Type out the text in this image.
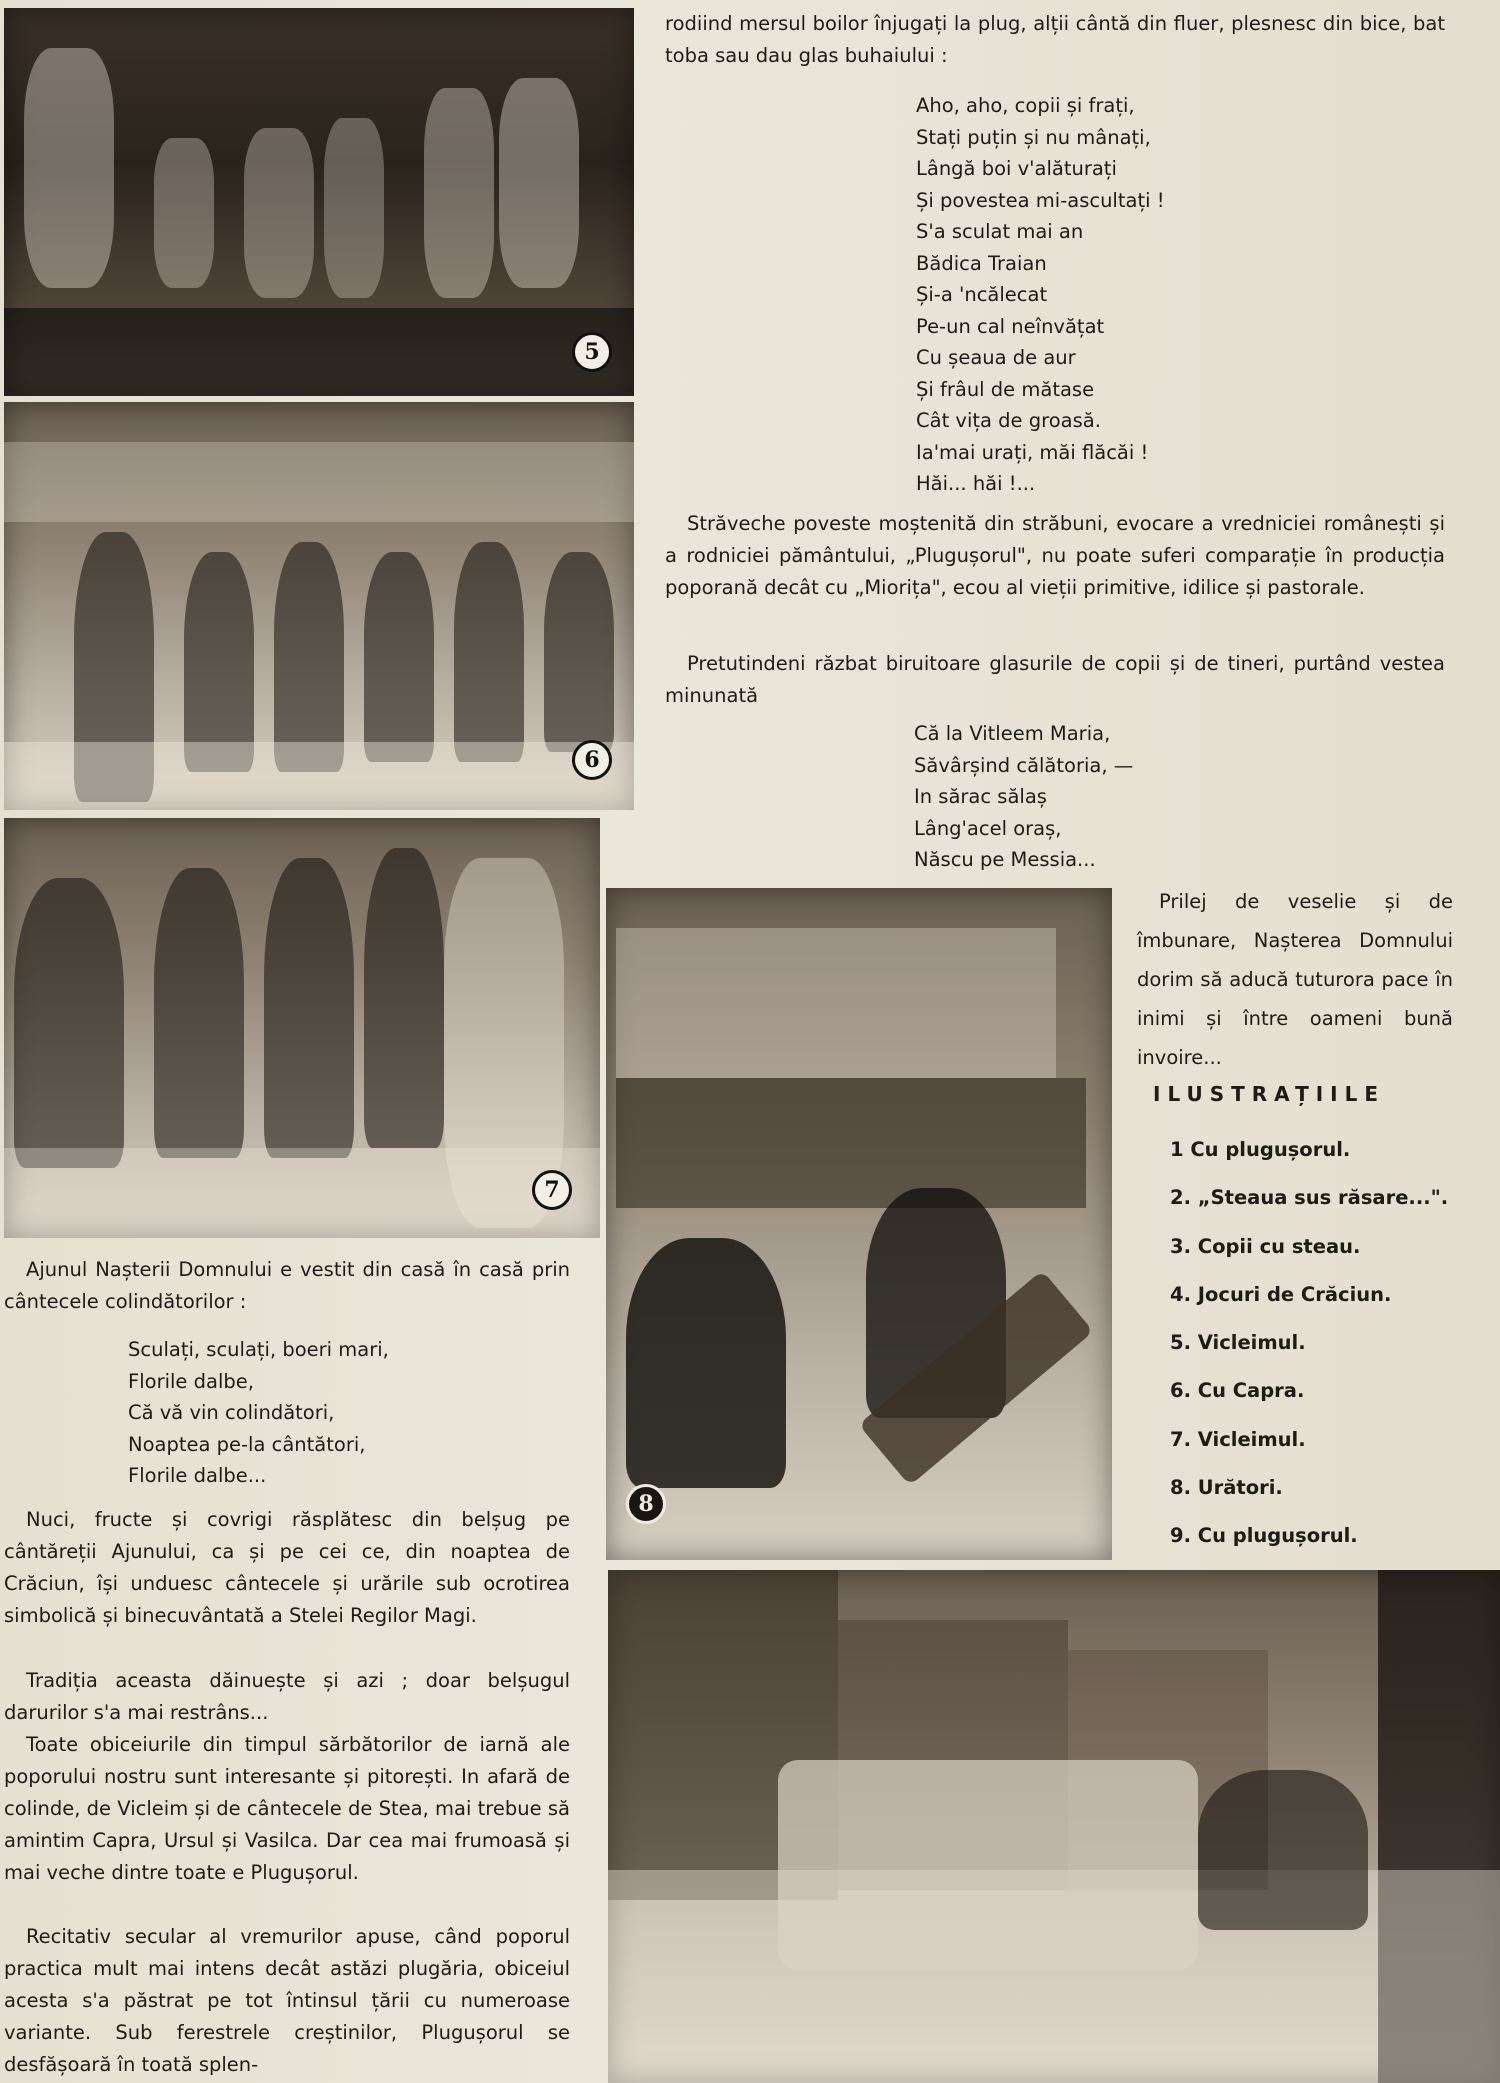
5
6
7
8

rodiind mersul boilor înjugați la plug, alții cântă din fluer, plesnesc din bice, bat toba sau dau glas buhaiului :

Aho, aho, copii și frați,
Stați puțin și nu mânați,
Lângă boi v'alăturați
Și povestea mi-ascultați !
S'a sculat mai an
Bădica Traian
Și-a 'ncălecat
Pe-un cal neînvățat
Cu șeaua de aur
Și frâul de mătase
Cât vița de groasă.
Ia'mai urați, măi flăcăi !
Hăi... hăi !...

Străveche poveste moștenită din străbuni, evocare a vredniciei românești și a rodniciei pământului, „Plugușorul", nu poate suferi comparație în producția poporană decât cu „Miorița", ecou al vieții primitive, idilice și pastorale.

Pretutindeni răzbat biruitoare glasurile de copii și de tineri, purtând vestea minunată

Că la Vitleem Maria,
Săvârșind călătoria, —
In sărac sălaș
Lâng'acel oraș,
Născu pe Messia...

Prilej de veselie și de îmbunare, Nașterea Domnului dorim să aducă tuturora pace în inimi și între oameni bună invoire...

ILUSTRAȚIILE
1 Cu plugușorul.
2. „Steaua sus răsare...".
3. Copii cu steau.
4. Jocuri de Crăciun.
5. Vicleimul.
6. Cu Capra.
7. Vicleimul.
8. Urători.
9. Cu plugușorul.

Ajunul Nașterii Domnului e vestit din casă în casă prin cântecele colindătorilor :

Sculați, sculați, boeri mari,
Florile dalbe,
Că vă vin colindători,
Noaptea pe-la cântători,
Florile dalbe...

Nuci, fructe și covrigi răsplătesc din belșug pe cântăreții Ajunului, ca și pe cei ce, din noaptea de Crăciun, își unduesc cântecele și urările sub ocrotirea simbolică și binecuvântată a Stelei Regilor Magi.

Tradiția aceasta dăinuește și azi ; doar belșugul darurilor s'a mai restrâns...

Toate obiceiurile din timpul sărbătorilor de iarnă ale poporului nostru sunt interesante și pitorești. In afară de colinde, de Vicleim și de cântecele de Stea, mai trebue să amintim Capra, Ursul și Vasilca. Dar cea mai frumoasă și mai veche dintre toate e Plugușorul.

Recitativ secular al vremurilor apuse, când poporul practica mult mai intens decât astăzi plugăria, obiceiul acesta s'a păstrat pe tot întinsul țării cu numeroase variante. Sub ferestrele creștinilor, Plugușorul se desfășoară în toată splen-
